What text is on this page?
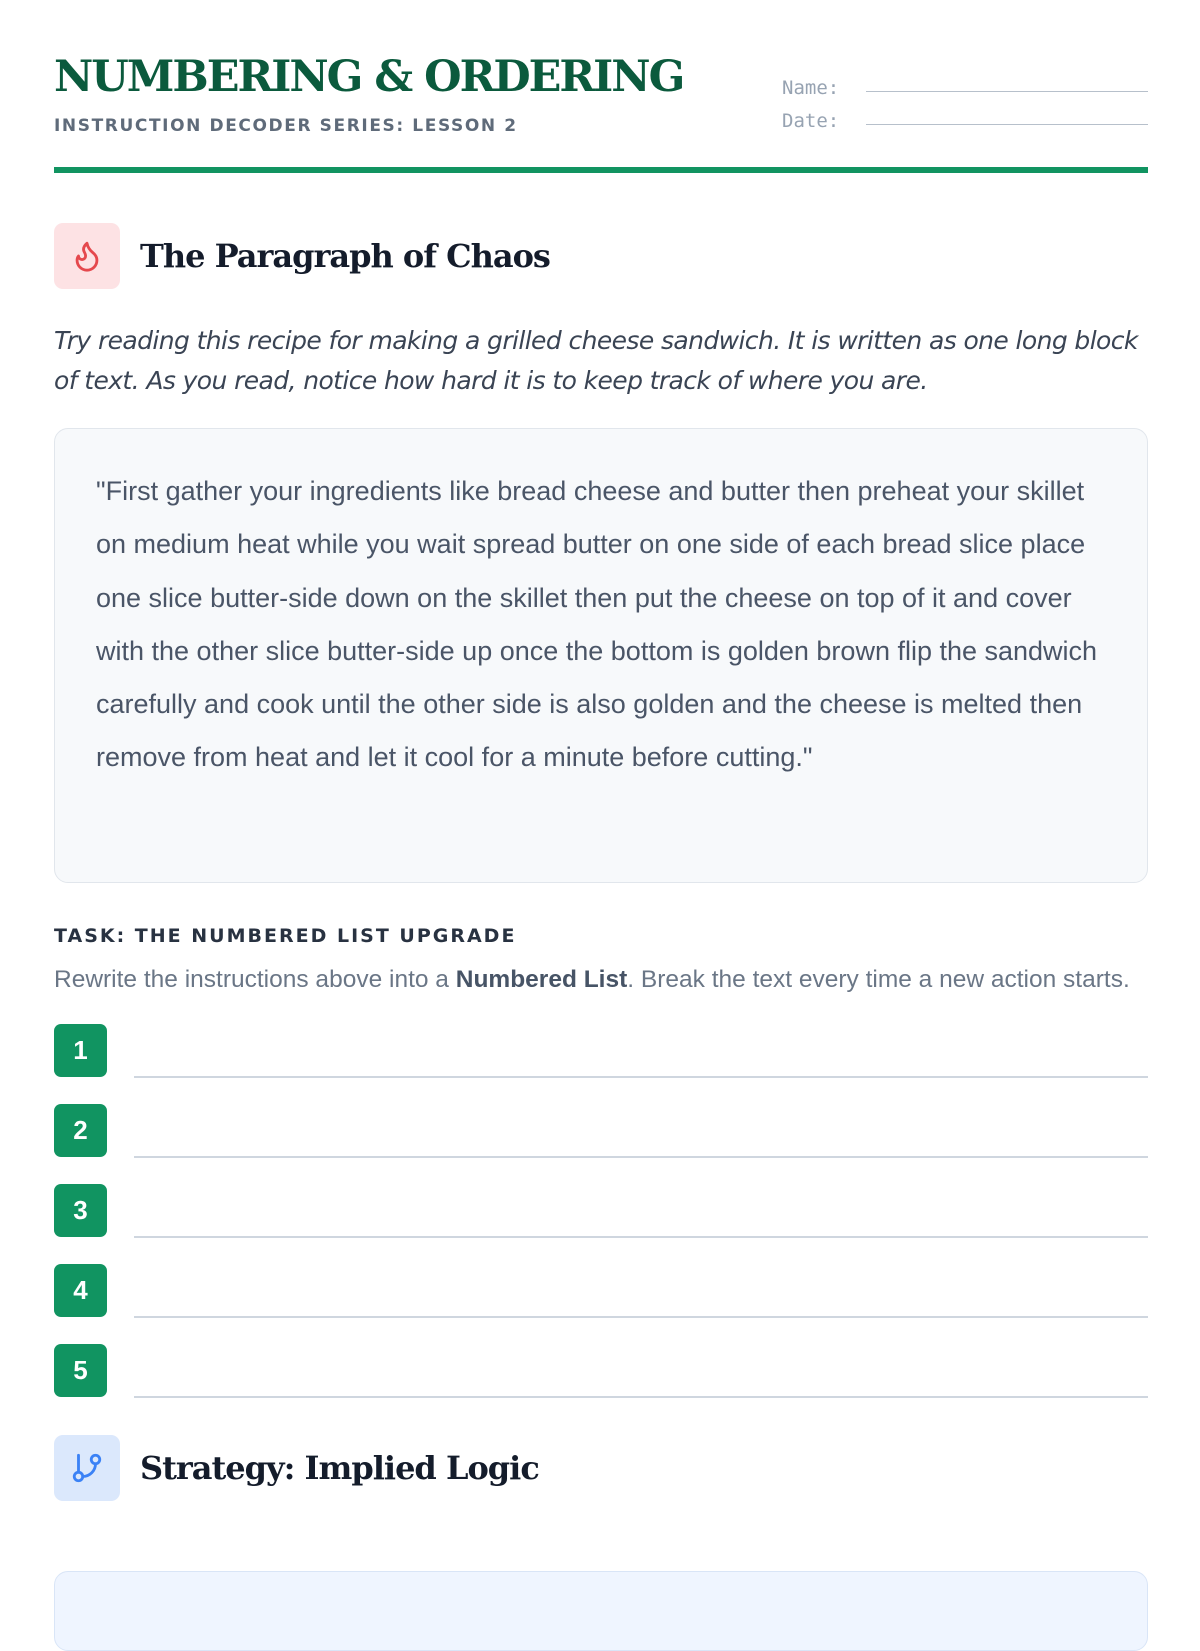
NUMBERING & ORDERING
INSTRUCTION DECODER SERIES: LESSON 2
Name:
Date:
The Paragraph of Chaos

Try reading this recipe for making a grilled cheese sandwich. It is written as one long block of text. As you read, notice how hard it is to keep track of where you are.

"First gather your ingredients like bread cheese and butter then preheat your skillet on medium heat while you wait spread butter on one side of each bread slice place one slice butter-side down on the skillet then put the cheese on top of it and cover with the other slice butter-side up once the bottom is golden brown flip the sandwich carefully and cook until the other side is also golden and the cheese is melted then remove from heat and let it cool for a minute before cutting."

TASK: THE NUMBERED LIST UPGRADE

Rewrite the instructions above into a Numbered List. Break the text every time a new action starts.

1
2
3
4
5
Strategy: Implied Logic
